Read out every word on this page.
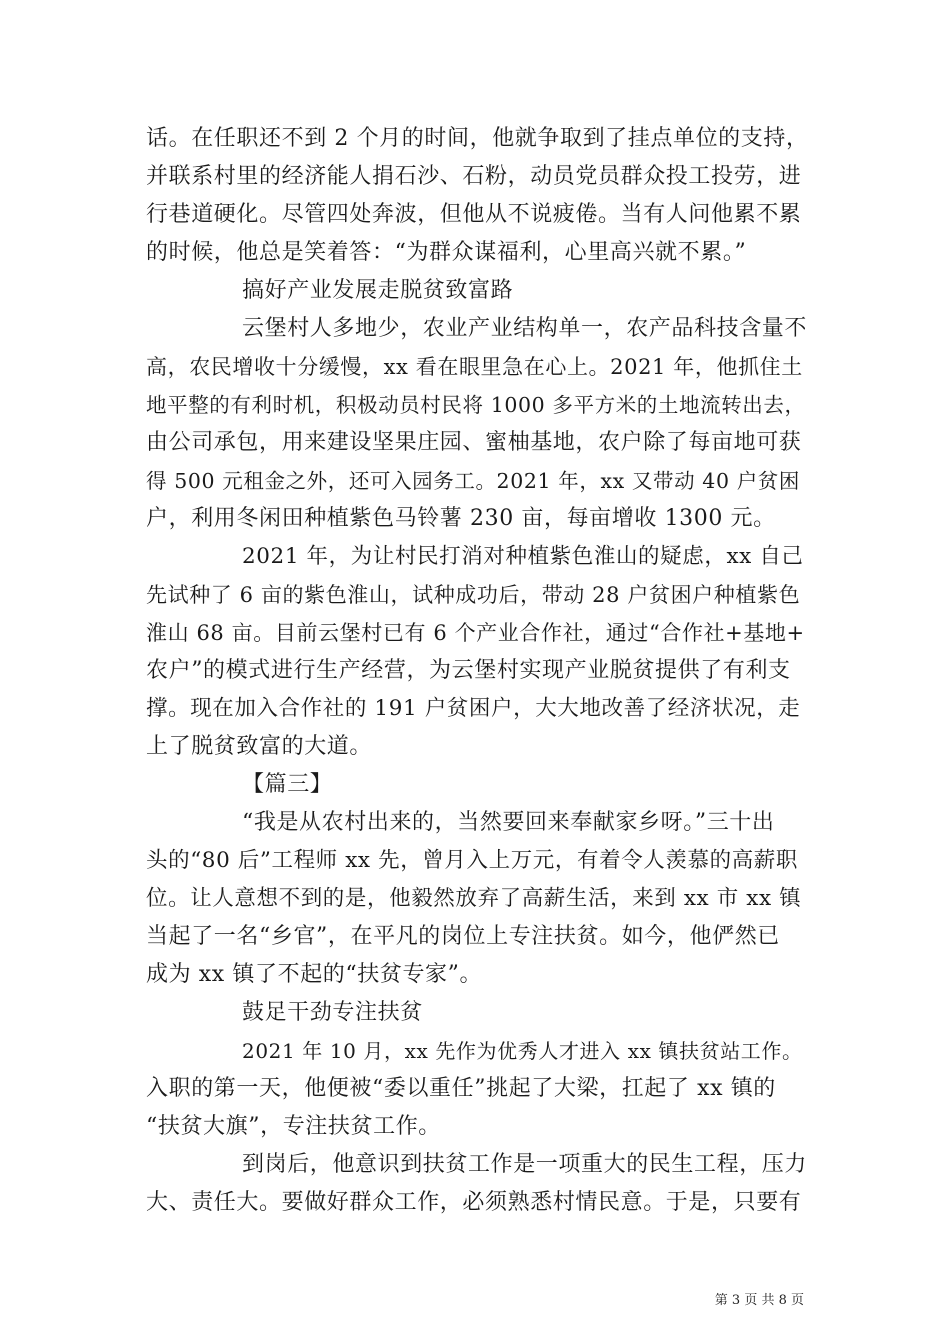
话。在任职还不到 2 个月的时间，他就争取到了挂点单位的支持，
并联系村里的经济能人捐石沙、石粉，动员党员群众投工投劳，进
行巷道硬化。尽管四处奔波，但他从不说疲倦。当有人问他累不累
的时候，他总是笑着答：“为群众谋福利，心里高兴就不累。”
搞好产业发展走脱贫致富路
云堡村人多地少，农业产业结构单一，农产品科技含量不
高，农民增收十分缓慢，xx 看在眼里急在心上。2021 年，他抓住土
地平整的有利时机，积极动员村民将 1000 多平方米的土地流转出去，
由公司承包，用来建设坚果庄园、蜜柚基地，农户除了每亩地可获
得 500 元租金之外，还可入园务工。2021 年，xx 又带动 40 户贫困
户，利用冬闲田种植紫色马铃薯 230 亩，每亩增收 1300 元。
2021 年，为让村民打消对种植紫色淮山的疑虑，xx 自己
先试种了 6 亩的紫色淮山，试种成功后，带动 28 户贫困户种植紫色
淮山 68 亩。目前云堡村已有 6 个产业合作社，通过“合作社+基地+
农户”的模式进行生产经营，为云堡村实现产业脱贫提供了有利支
撑。现在加入合作社的 191 户贫困户，大大地改善了经济状况，走
上了脱贫致富的大道。
【篇三】
“我是从农村出来的，当然要回来奉献家乡呀。”三十出
头的“80 后”工程师 xx 先，曾月入上万元，有着令人羡慕的高薪职
位。让人意想不到的是，他毅然放弃了高薪生活，来到 xx 市 xx 镇
当起了一名“乡官”，在平凡的岗位上专注扶贫。如今，他俨然已
成为 xx 镇了不起的“扶贫专家”。
鼓足干劲专注扶贫
2021 年 10 月，xx 先作为优秀人才进入 xx 镇扶贫站工作。
入职的第一天，他便被“委以重任”挑起了大梁，扛起了 xx 镇的
“扶贫大旗”，专注扶贫工作。
到岗后，他意识到扶贫工作是一项重大的民生工程，压力
大、责任大。要做好群众工作，必须熟悉村情民意。于是，只要有
第 3 页 共 8 页
